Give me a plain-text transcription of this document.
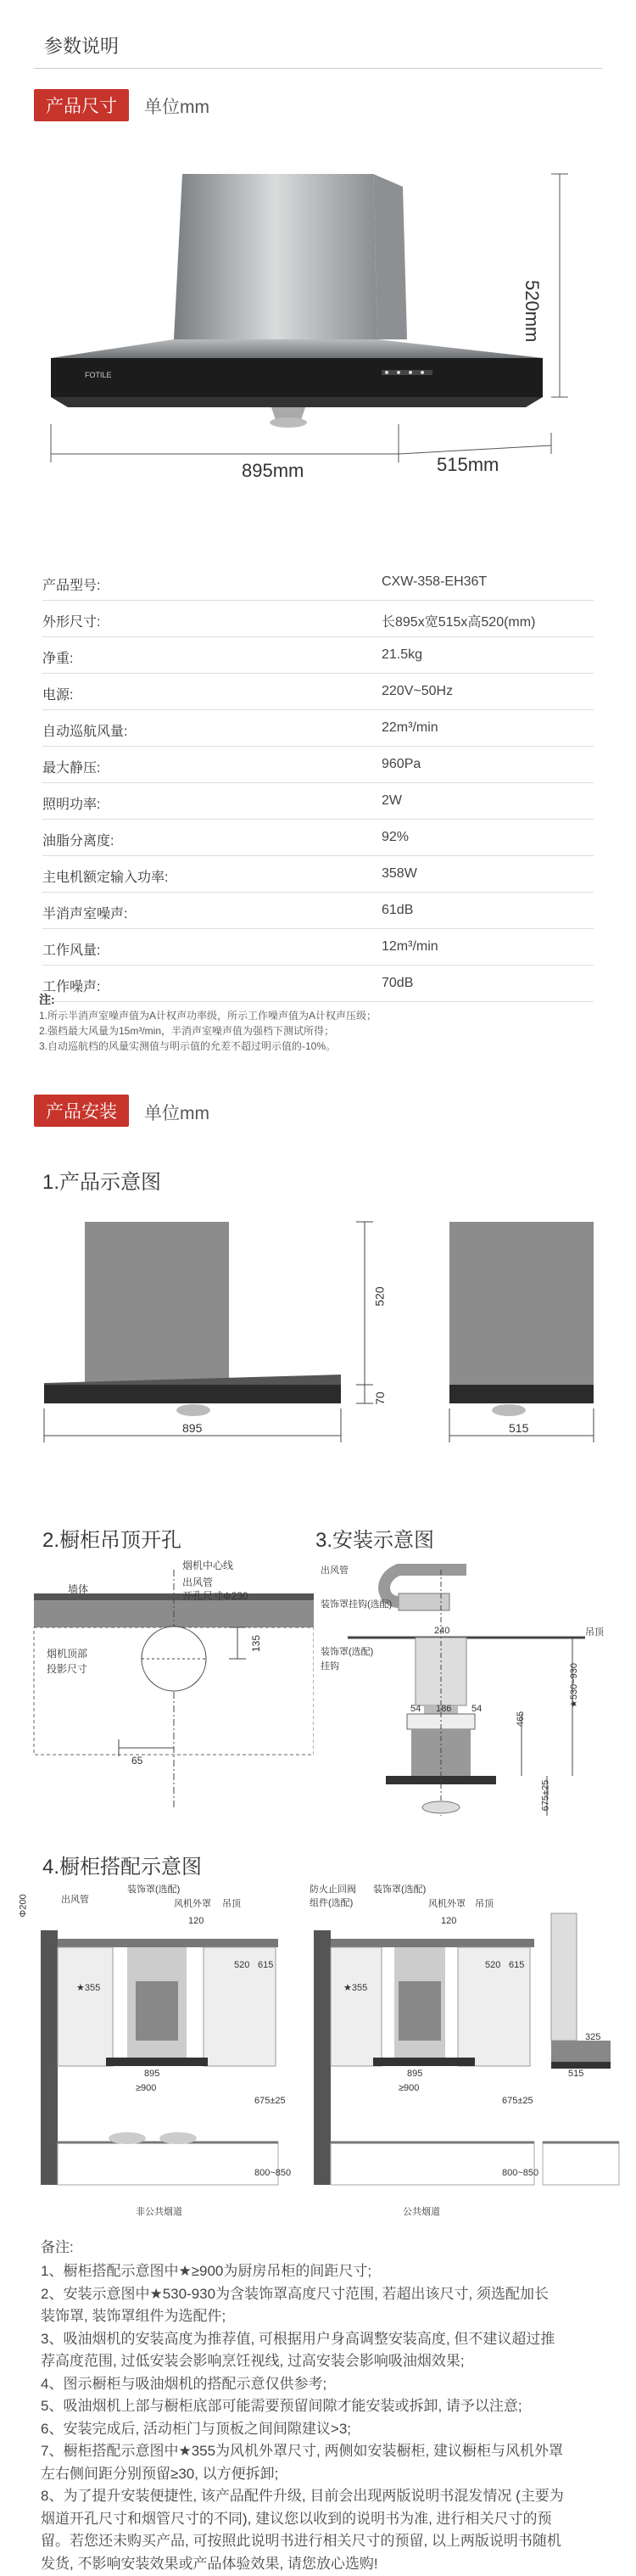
参数说明
产品尺寸	单位mm
FOTILE
895mm	515mm
520mm
产品型号:	CXW-358-EH36T
外形尺寸:	长895x宽515x高520(mm)
净重:	21.5kg
电源:	220V~50Hz
自动巡航风量:	22m³/min
最大静压:	960Pa
照明功率:	2W
油脂分离度:	92%
主电机额定输入功率:	358W
半消声室噪声:	61dB
工作风量:	12m³/min
工作噪声:	70dB
注:
1.所示半消声室噪声值为A计权声功率级，所示工作噪声值为A计权声压级；
2.强档最大风量为15m³/min，半消声室噪声值为强档下测试所得；
3.自动巡航档的风量实测值与明示值的允差不超过明示值的-10%。
产品安装	单位mm
1.产品示意图
520
70
895	515
2.橱柜吊顶开孔
烟机中心线
出风管
开孔尺寸Φ230
墙体
烟机顶部
投影尺寸
135
65
3.安装示意图
出风管
吊顶
装饰罩挂钩(选配)
装饰罩(选配)
挂钩
240
54 186 54
★530~930
465
675±25
4.橱柜搭配示意图
Φ200	出风管
装饰罩(选配)
风机外罩 吊顶
★355
120
520 615
895
≥900
675±25
800~850
防火止回阀组件(选配)
装饰罩(选配)
风机外罩 吊顶
★355
120
520 615
895
≥900
675±25
800~850
325
515
非公共烟道	公共烟道
备注:
1、橱柜搭配示意图中★≥900为厨房吊柜的间距尺寸;
2、安装示意图中★530-930为含装饰罩高度尺寸范围, 若超出该尺寸, 须选配加长
装饰罩, 装饰罩组件为选配件;
3、吸油烟机的安装高度为推荐值, 可根据用户身高调整安装高度, 但不建议超过推
荐高度范围, 过低安装会影响烹饪视线, 过高安装会影响吸油烟效果;
4、图示橱柜与吸油烟机的搭配示意仅供参考;
5、吸油烟机上部与橱柜底部可能需要预留间隙才能安装或拆卸, 请予以注意;
6、安装完成后, 活动柜门与顶板之间间隙建议>3;
7、橱柜搭配示意图中★355为风机外罩尺寸, 两侧如安装橱柜, 建议橱柜与风机外罩
左右侧间距分别预留≥30, 以方便拆卸;
8、为了提升安装便捷性, 该产品配件升级, 目前会出现两版说明书混发情况 (主要为
烟道开孔尺寸和烟管尺寸的不同), 建议您以收到的说明书为准, 进行相关尺寸的预
留。若您还未购买产品, 可按照此说明书进行相关尺寸的预留, 以上两版说明书随机
发货, 不影响安装效果或产品体验效果, 请您放心选购!
